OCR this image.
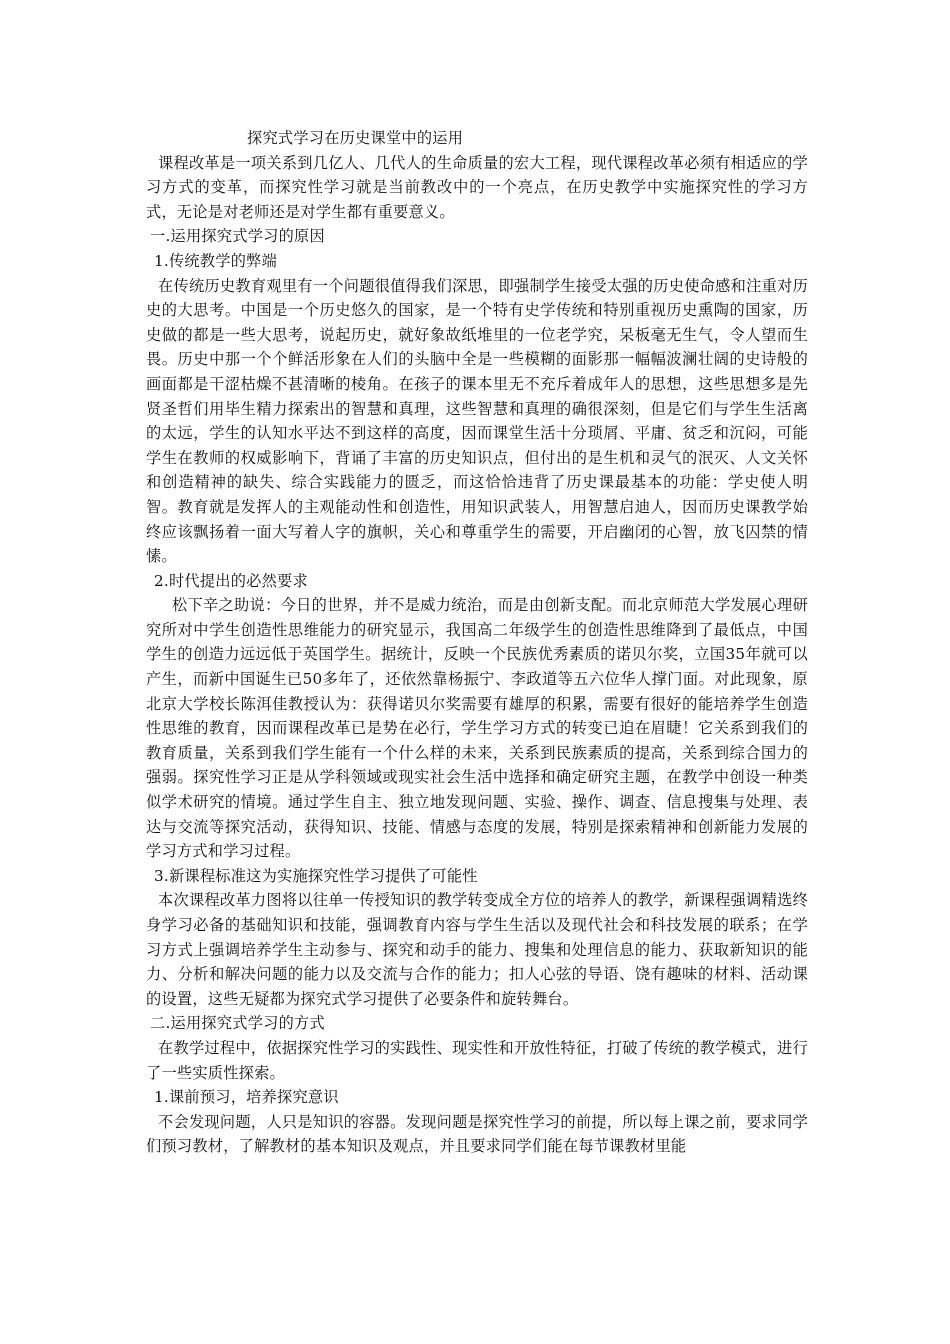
探究式学习在历史课堂中的运用

课程改革是一项关系到几亿人、几代人的生命质量的宏大工程，现代课程改革必须有相适应的学习方式的变革，而探究性学习就是当前教改中的一个亮点，在历史教学中实施探究性的学习方式，无论是对老师还是对学生都有重要意义。

一.运用探究式学习的原因
1.传统教学的弊端

在传统历史教育观里有一个问题很值得我们深思，即强制学生接受太强的历史使命感和注重对历史的大思考。中国是一个历史悠久的国家，是一个特有史学传统和特别重视历史熏陶的国家，历史做的都是一些大思考，说起历史，就好象故纸堆里的一位老学究，呆板毫无生气，令人望而生畏。历史中那一个个鲜活形象在人们的头脑中全是一些模糊的面影那一幅幅波澜壮阔的史诗般的画面都是干涩枯燥不甚清晰的棱角。在孩子的课本里无不充斥着成年人的思想，这些思想多是先贤圣哲们用毕生精力探索出的智慧和真理，这些智慧和真理的确很深刻，但是它们与学生生活离的太远，学生的认知水平达不到这样的高度，因而课堂生活十分琐屑、平庸、贫乏和沉闷，可能学生在教师的权威影响下，背诵了丰富的历史知识点，但付出的是生机和灵气的泯灭、人文关怀和创造精神的缺失、综合实践能力的匮乏，而这恰恰违背了历史课最基本的功能：学史使人明智。教育就是发挥人的主观能动性和创造性，用知识武装人，用智慧启迪人，因而历史课教学始终应该飘扬着一面大写着人字的旗帜，关心和尊重学生的需要，开启幽闭的心智，放飞囚禁的情愫。

2.时代提出的必然要求

松下辛之助说：今日的世界，并不是威力统治，而是由创新支配。而北京师范大学发展心理研究所对中学生创造性思维能力的研究显示，我国高二年级学生的创造性思维降到了最低点，中国学生的创造力远远低于英国学生。据统计，反映一个民族优秀素质的诺贝尔奖，立国35年就可以产生，而新中国诞生已50多年了，还依然靠杨振宁、李政道等五六位华人撑门面。对此现象，原北京大学校长陈洱佳教授认为：获得诺贝尔奖需要有雄厚的积累，需要有很好的能培养学生创造性思维的教育，因而课程改革已是势在必行，学生学习方式的转变已迫在眉睫！它关系到我们的教育质量，关系到我们学生能有一个什么样的未来，关系到民族素质的提高，关系到综合国力的强弱。探究性学习正是从学科领域或现实社会生活中选择和确定研究主题，在教学中创设一种类似学术研究的情境。通过学生自主、独立地发现问题、实验、操作、调查、信息搜集与处理、表达与交流等探究活动，获得知识、技能、情感与态度的发展，特别是探索精神和创新能力发展的学习方式和学习过程。

3.新课程标准这为实施探究性学习提供了可能性

本次课程改革力图将以往单一传授知识的教学转变成全方位的培养人的教学，新课程强调精选终身学习必备的基础知识和技能，强调教育内容与学生生活以及现代社会和科技发展的联系；在学习方式上强调培养学生主动参与、探究和动手的能力、搜集和处理信息的能力、获取新知识的能力、分析和解决问题的能力以及交流与合作的能力；扣人心弦的导语、饶有趣味的材料、活动课的设置，这些无疑都为探究式学习提供了必要条件和旋转舞台。

二.运用探究式学习的方式

在教学过程中，依据探究性学习的实践性、现实性和开放性特征，打破了传统的教学模式，进行了一些实质性探索。

1.课前预习，培养探究意识

不会发现问题，人只是知识的容器。发现问题是探究性学习的前提，所以每上课之前，要求同学们预习教材，了解教材的基本知识及观点，并且要求同学们能在每节课教材里能
